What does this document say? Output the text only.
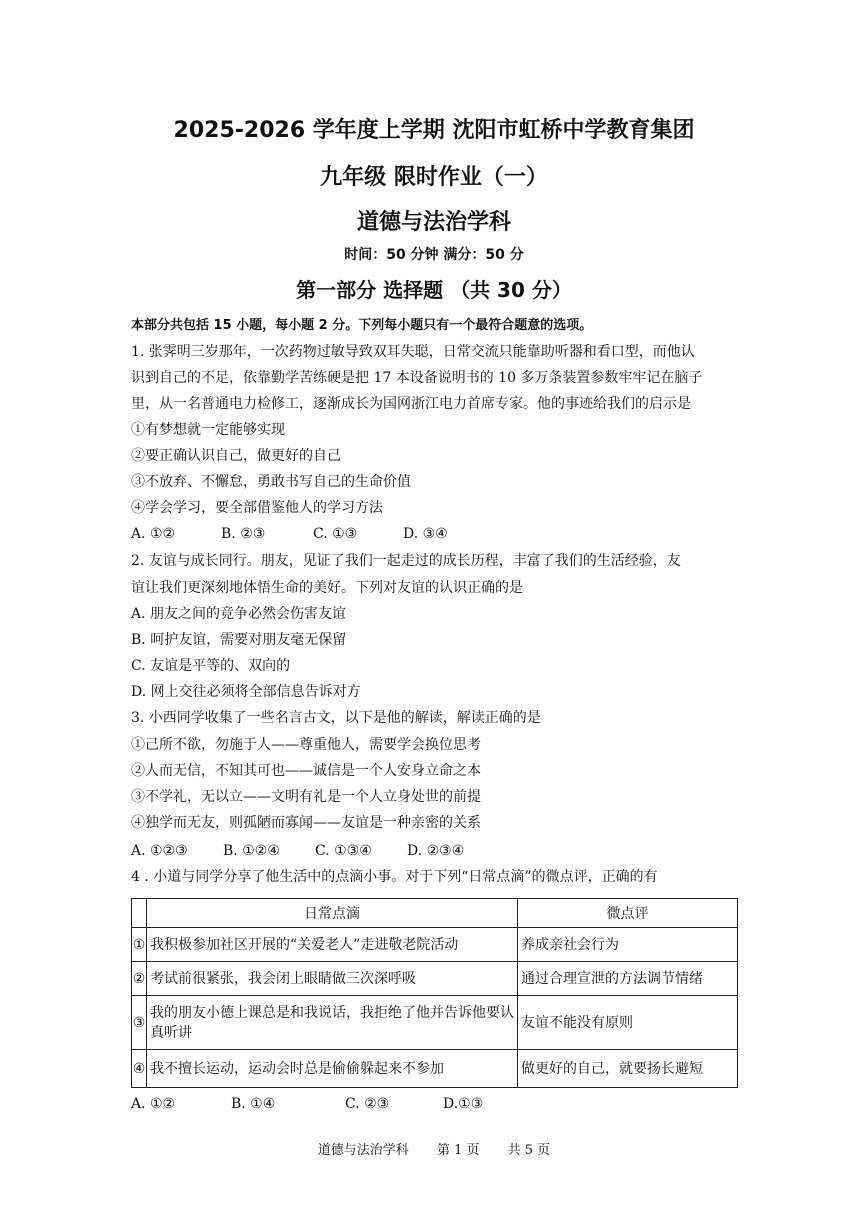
2025-2026 学年度上学期 沈阳市虹桥中学教育集团
九年级 限时作业（一）
道德与法治学科
时间：50 分钟 满分：50 分
第一部分 选择题 （共 30 分）
本部分共包括 15 小题，每小题 2 分。下列每小题只有一个最符合题意的选项。
1. 张霁明三岁那年，一次药物过敏导致双耳失聪，日常交流只能靠助听器和看口型，而他认
识到自己的不足，依靠勤学苦练硬是把 17 本设备说明书的 10 多万条装置参数牢牢记在脑子
里，从一名普通电力检修工，逐渐成长为国网浙江电力首席专家。他的事迹给我们的启示是
①有梦想就一定能够实现
②要正确认识自己，做更好的自己
③不放弃、不懈怠，勇敢书写自己的生命价值
④学会学习，要全部借鉴他人的学习方法
A. ①②	B. ②③	C. ①③	D. ③④
2. 友谊与成长同行。朋友，见证了我们一起走过的成长历程，丰富了我们的生活经验，友
谊让我们更深刻地体悟生命的美好。下列对友谊的认识正确的是
A. 朋友之间的竞争必然会伤害友谊
B. 呵护友谊，需要对朋友毫无保留
C. 友谊是平等的、双向的
D. 网上交往必须将全部信息告诉对方
3. 小西同学收集了一些名言古文，以下是他的解读，解读正确的是
①己所不欲，勿施于人——尊重他人，需要学会换位思考
②人而无信，不知其可也——诚信是一个人安身立命之本
③不学礼，无以立——文明有礼是一个人立身处世的前提
④独学而无友，则孤陋而寡闻——友谊是一种亲密的关系
A. ①②③	B. ①②④	C. ①③④	D. ②③④
4 . 小道与同学分享了他生活中的点滴小事。对于下列“日常点滴”的微点评，正确的有
	日常点滴	微点评
①	我积极参加社区开展的“关爱老人”走进敬老院活动	养成亲社会行为
②	考试前很紧张，我会闭上眼睛做三次深呼吸	通过合理宣泄的方法调节情绪
③	我的朋友小德上课总是和我说话，我拒绝了他并告诉他要认真听讲	友谊不能没有原则
④	我不擅长运动，运动会时总是偷偷躲起来不参加	做更好的自己，就要扬长避短
A. ①②	B. ①④	C. ②③	D.①③
道德与法治学科 第 1 页 共 5 页
